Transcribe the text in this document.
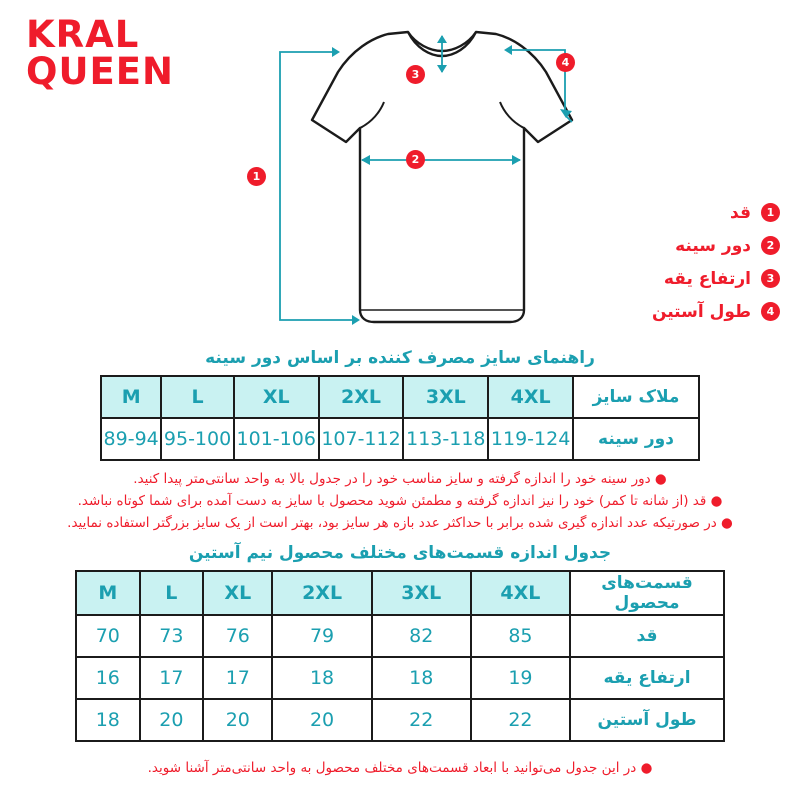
KRAL
QUEEN
1
2
3
4
1
قد
2
دور سینه
3
ارتفاع یقه
4
طول آستین
راهنمای سایز مصرف کننده بر اساس دور سینه
ملاک سایز	4XL	3XL	2XL	XL	L	M
دور سینه	119-124	113-118	107-112	101-106	95-100	89-94
● دور سینه خود را اندازه گرفته و سایز مناسب خود را در جدول بالا به واحد سانتی‌متر پیدا کنید.
● قد (از شانه تا کمر) خود را نیز اندازه گرفته و مطمئن شوید محصول با سایز به دست آمده برای شما کوتاه نباشد.
● در صورتیکه عدد اندازه گیری شده برابر با حداکثر عدد بازه هر سایز بود، بهتر است از یک سایز بزرگتر استفاده نمایید.
جدول اندازه قسمت‌های مختلف محصول نیم آستین
قسمت‌های محصول	4XL	3XL	2XL	XL	L	M
قد	85	82	79	76	73	70
ارتفاع یقه	19	18	18	17	17	16
طول آستین	22	22	20	20	20	18
● در این جدول می‌توانید با ابعاد قسمت‌های مختلف محصول به واحد سانتی‌متر آشنا شوید.
